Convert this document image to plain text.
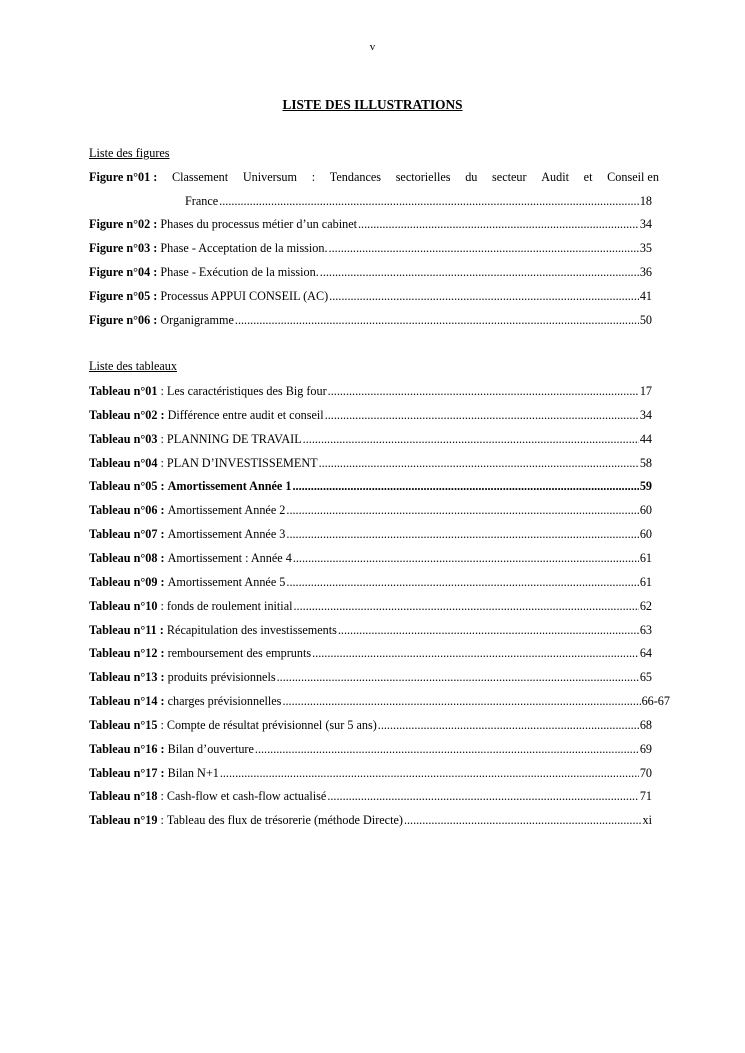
v
LISTE DES ILLUSTRATIONS
Liste des figures
Figure n°01 : Classement Universum : Tendances sectorielles du secteur Audit et Conseil en
France .....	18
Figure n°02 : Phases du processus métier d’un cabinet .....	34
Figure n°03 : Phase - Acceptation de la mission. .....	35
Figure n°04 : Phase - Exécution de la mission. .....	36
Figure n°05 : Processus APPUI CONSEIL (AC) .....	41
Figure n°06 : Organigramme .....	50
Liste des tableaux
Tableau n°01 : Les caractéristiques des Big four .....	17
Tableau n°02 : Différence entre audit et conseil .....	34
Tableau n°03 : PLANNING DE TRAVAIL .....	44
Tableau n°04 : PLAN D’INVESTISSEMENT .....	58
Tableau n°05 : Amortissement Année 1 .....	59
Tableau n°06 : Amortissement Année 2 .....	60
Tableau n°07 : Amortissement Année 3 .....	60
Tableau n°08 : Amortissement : Année 4 .....	61
Tableau n°09 : Amortissement Année 5 .....	61
Tableau n°10 : fonds de roulement initial .....	62
Tableau n°11 : Récapitulation des investissements .....	63
Tableau n°12 : remboursement des emprunts .....	64
Tableau n°13 : produits prévisionnels .....	65
Tableau n°14 : charges prévisionnelles .....	66-67
Tableau n°15 : Compte de résultat prévisionnel (sur 5 ans) .....	68
Tableau n°16 : Bilan d’ouverture .....	69
Tableau n°17 : Bilan N+1 .....	70
Tableau n°18 : Cash-flow et cash-flow actualisé .....	71
Tableau n°19 : Tableau des flux de trésorerie (méthode Directe) .....	xi
